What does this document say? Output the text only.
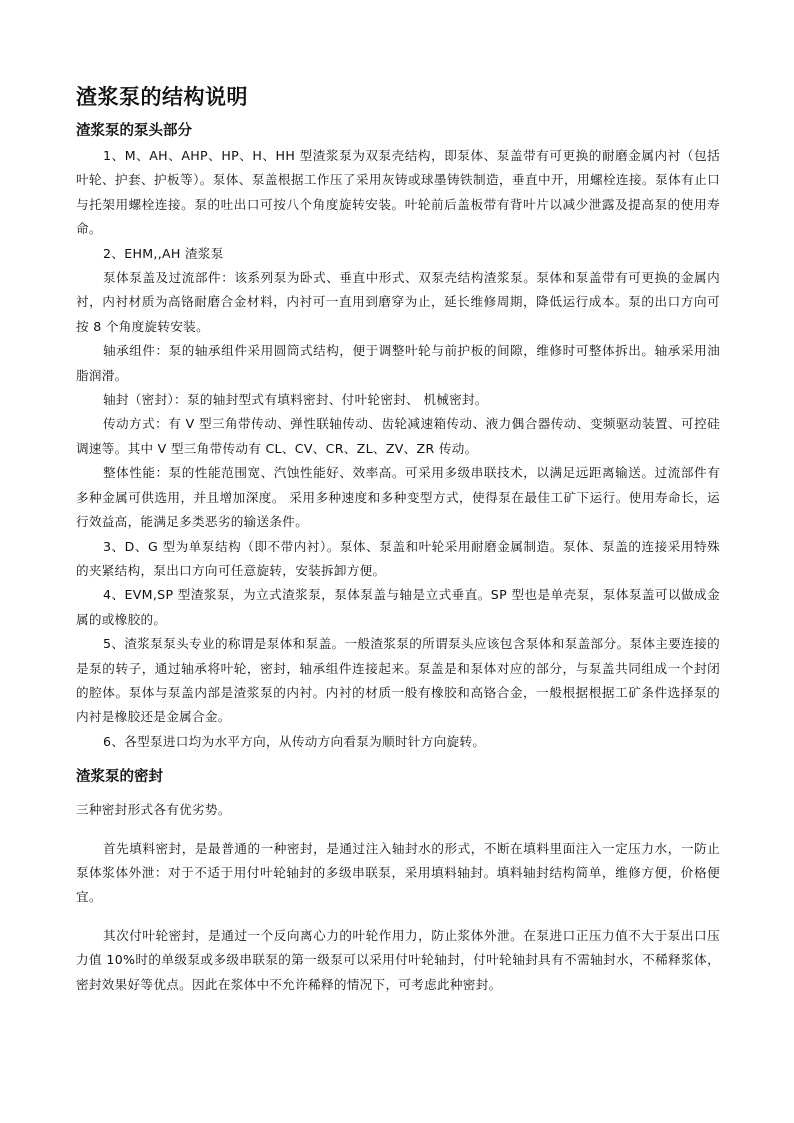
渣浆泵的结构说明
渣浆泵的泵头部分

1、M、AH、AHP、HP、H、HH 型渣浆泵为双泵壳结构，即泵体、泵盖带有可更换的耐磨金属内衬（包括叶轮、护套、护板等）。泵体、泵盖根据工作压了采用灰铸或球墨铸铁制造，垂直中开，用螺栓连接。泵体有止口与托架用螺栓连接。泵的吐出口可按八个角度旋转安装。叶轮前后盖板带有背叶片以减少泄露及提高泵的使用寿命。

2、EHM,,AH 渣浆泵

泵体泵盖及过流部件：该系列泵为卧式、垂直中形式、双泵壳结构渣浆泵。泵体和泵盖带有可更换的金属内衬，内衬材质为高铬耐磨合金材料，内衬可一直用到磨穿为止，延长维修周期，降低运行成本。泵的出口方向可按 8 个角度旋转安装。

轴承组件：泵的轴承组件采用圆筒式结构，便于调整叶轮与前护板的间隙，维修时可整体拆出。轴承采用油脂润滑。

轴封（密封）：泵的轴封型式有填料密封、付叶轮密封、 机械密封。

传动方式：有 V 型三角带传动、弹性联轴传动、齿轮减速箱传动、液力偶合器传动、变频驱动装置、可控硅调速等。其中 V 型三角带传动有 CL、CV、CR、ZL、ZV、ZR 传动。

整体性能：泵的性能范围宽、汽蚀性能好、效率高。可采用多级串联技术，以满足远距离输送。过流部件有多种金属可供选用，并且增加深度。 采用多种速度和多种变型方式，使得泵在最佳工矿下运行。使用寿命长，运行效益高，能满足多类恶劣的输送条件。

3、D、G 型为单泵结构（即不带内衬）。泵体、泵盖和叶轮采用耐磨金属制造。泵体、泵盖的连接采用特殊的夹紧结构，泵出口方向可任意旋转，安装拆卸方便。

4、EVM,SP 型渣浆泵，为立式渣浆泵，泵体泵盖与轴是立式垂直。SP 型也是单壳泵，泵体泵盖可以做成金属的或橡胶的。

5、渣浆泵泵头专业的称谓是泵体和泵盖。一般渣浆泵的所谓泵头应该包含泵体和泵盖部分。泵体主要连接的是泵的转子，通过轴承将叶轮，密封，轴承组件连接起来。泵盖是和泵体对应的部分，与泵盖共同组成一个封闭的腔体。泵体与泵盖内部是渣浆泵的内衬。内衬的材质一般有橡胶和高铬合金，一般根据根据工矿条件选择泵的内衬是橡胶还是金属合金。

6、各型泵进口均为水平方向，从传动方向看泵为顺时针方向旋转。

渣浆泵的密封

三种密封形式各有优劣势。

首先填料密封，是最普通的一种密封，是通过注入轴封水的形式，不断在填料里面注入一定压力水，一防止泵体浆体外泄：对于不适于用付叶轮轴封的多级串联泵，采用填料轴封。填料轴封结构简单，维修方便，价格便宜。

其次付叶轮密封，是通过一个反向离心力的叶轮作用力，防止浆体外泄。在泵进口正压力值不大于泵出口压力值 10%时的单级泵或多级串联泵的第一级泵可以采用付叶轮轴封，付叶轮轴封具有不需轴封水，不稀释浆体，密封效果好等优点。因此在浆体中不允许稀释的情况下，可考虑此种密封。
